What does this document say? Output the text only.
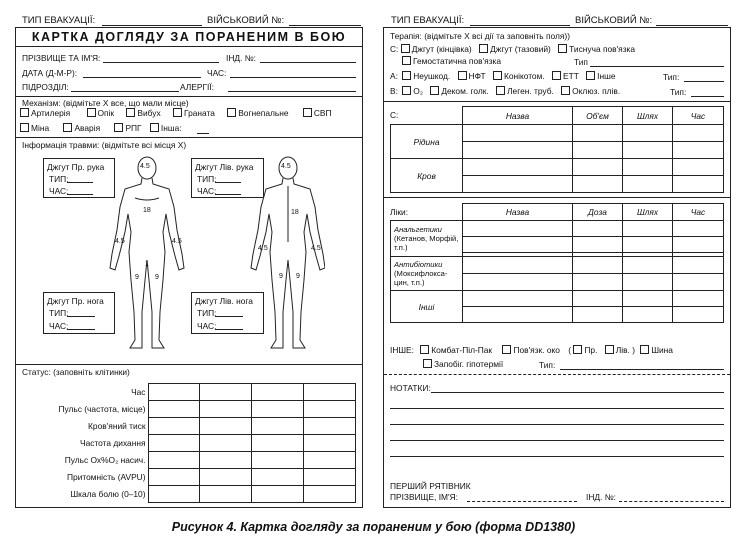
ТИП ЕВАКУАЦІЇ:	ВІЙСЬКОВИЙ №:
КАРТКА ДОГЛЯДУ ЗА ПОРАНЕНИМ В БОЮ
ПРІЗВИЩЕ ТА ІМ'Я:	ІНД. №:
ДАТА (Д-М-Р):	ЧАС:
ПІДРОЗДІЛ:	АЛЕРГІЇ:
Механізм: (відмітьте Х все, що мали місце)
Артилерія	Опік	Вибух	Граната	Вогнепальне	СВП
Міна	Аварія	РПГ Інша:
Інформація травми: (відмітьте всі місця Х)
4.5
18
4.5	4.5
1
9 9
4.5
18
4.5	4.5
9 9
Джгут Пр. рука
ТИП:
ЧАС:
Джгут Лів. рука
ТИП:
ЧАС:
Джгут Пр. нога
ТИП:
ЧАС:
Джгут Лів. нога
ТИП:
ЧАС:
Статус: (заповніть клітинки)
Час				
Пульс (частота, місце)				
Кров'яний тиск				
Частота дихання				
Пульс Ох%O₂ насич.				
Притомність (AVPU)				
Шкала болю (0–10)				
ТИП ЕВАКУАЦІЇ:	ВІЙСЬКОВИЙ №:
Терапія: (відмітьте Х всі дії та заповніть поля))
С: Джгут (кінцівка) Джгут (тазовий) Тиснуча пов'язка
Гемостатична пов'язка	Тип
А: Неушкод. НФТ Конікотом. ЕТТ Інше	Тип:
В: О₂ Деком. голк. Леген. труб. Оклюз. плів.	Тип:
С:
		Назва	Об'єм	Шлях	Час
Рідина				

Кров				

Ліки:
		Назва	Доза	Шлях	Час

Анальгетики
(Кетанов, Морфій, т.п.)				

Антибіотики
(Моксифлокса-цин, т.п.)				

Інші				

ІНШЕ: Комбат-Піл-Пак	Пов'язк. око ( Пр. Лів. ) Шина
Запобіг. гіпотермії	Тип:
НОТАТКИ:
ПЕРШИЙ РЯТІВНИК
ПРІЗВИЩЕ, ІМ'Я:	ІНД. №:
Рисунок 4. Картка догляду за пораненим у бою (форма DD1380)
